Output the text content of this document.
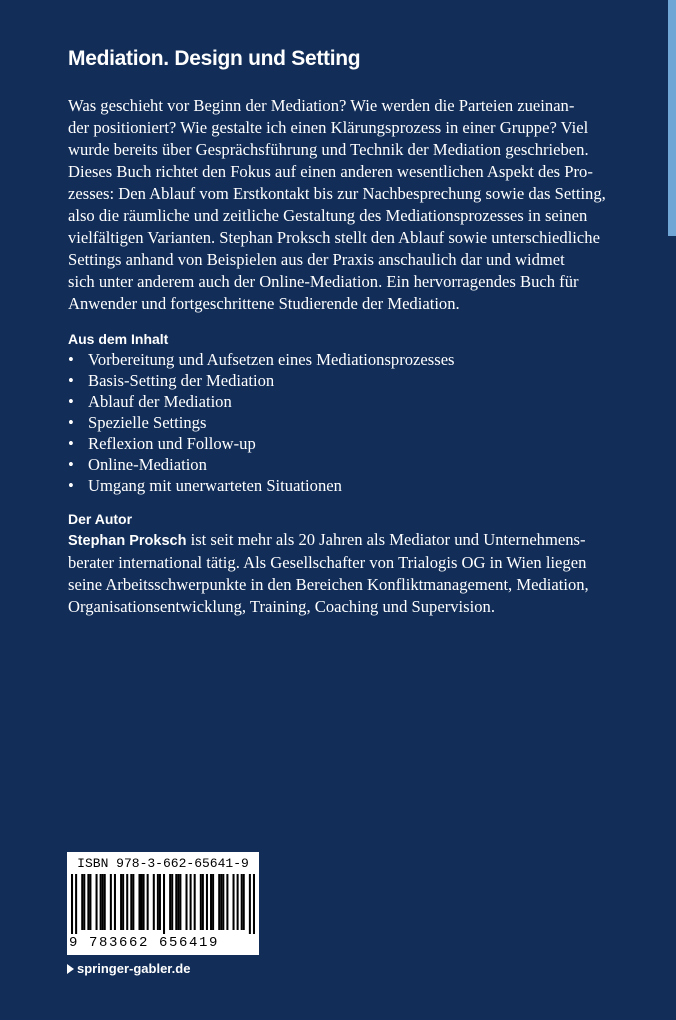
Mediation. Design und Setting

Was geschieht vor Beginn der Mediation? Wie werden die Parteien zueinan-
der positioniert? Wie gestalte ich einen Klärungsprozess in einer Gruppe? Viel
wurde bereits über Gesprächsführung und Technik der Mediation geschrieben.
Dieses Buch richtet den Fokus auf einen anderen wesentlichen Aspekt des Pro-
zesses: Den Ablauf vom Erstkontakt bis zur Nachbesprechung sowie das Setting,
also die räumliche und zeitliche Gestaltung des Mediationsprozesses in seinen
vielfältigen Varianten. Stephan Proksch stellt den Ablauf sowie unterschiedliche
Settings anhand von Beispielen aus der Praxis anschaulich dar und widmet
sich unter anderem auch der Online-Mediation. Ein hervorragendes Buch für
Anwender und fortgeschrittene Studierende der Mediation.

Aus dem Inhalt
• Vorbereitung und Aufsetzen eines Mediationsprozesses
• Basis-Setting der Mediation
• Ablauf der Mediation
• Spezielle Settings
• Reflexion und Follow-up
• Online-Mediation
• Umgang mit unerwarteten Situationen
Der Autor

Stephan Proksch ist seit mehr als 20 Jahren als Mediator und Unternehmens-
berater international tätig. Als Gesellschafter von Trialogis OG in Wien liegen
seine Arbeitsschwerpunkte in den Bereichen Konfliktmanagement, Mediation,
Organisationsentwicklung, Training, Coaching und Supervision.

ISBN 978-3-662-65641-9
9 783662 656419
springer-gabler.de
